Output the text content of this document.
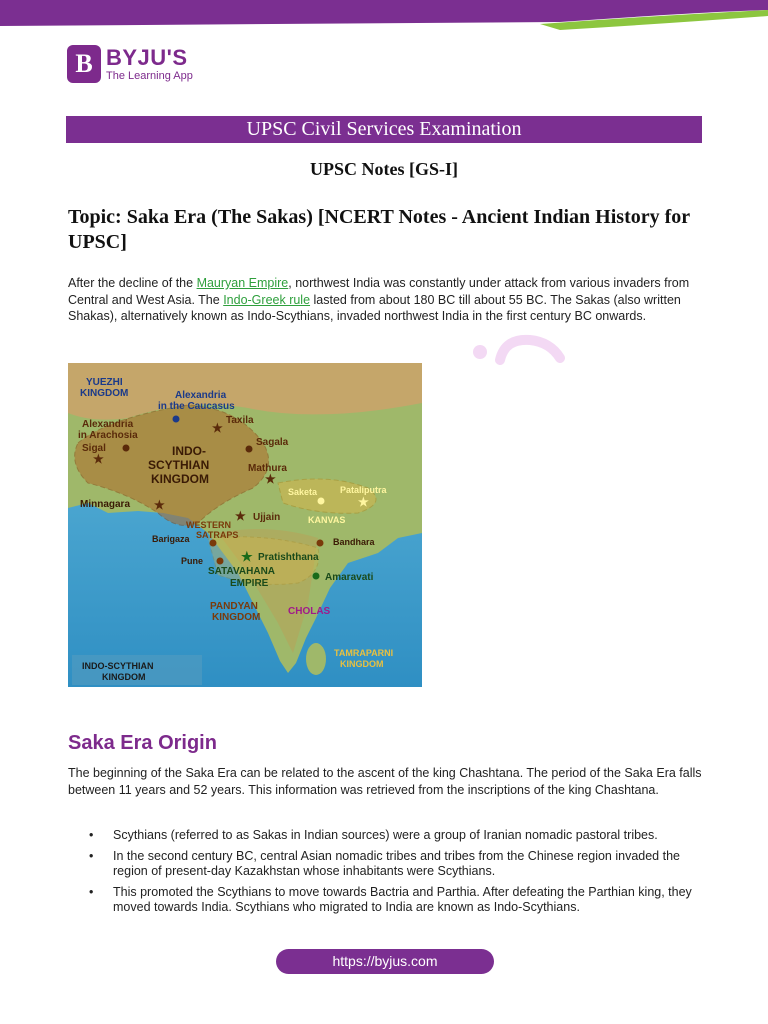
B BYJU'S
The Learning App
UPSC Civil Services Examination
UPSC Notes [GS-I]
Topic: Saka Era (The Sakas) [NCERT Notes - Ancient Indian History for UPSC]
After the decline of the Mauryan Empire, northwest India was constantly under attack from various invaders from Central and West Asia. The Indo-Greek rule lasted from about 180 BC till about 55 BC. The Sakas (also written Shakas), alternatively known as Indo-Scythians, invaded northwest India in the first century BC onwards.
YUEZHI
KINGDOM	Alexandria
in the Caucasus
Taxila
★
Alexandria
in Arachosia
Sigal
★
INDO-
SCYTHIAN
KINGDOM
Sagala
Mathura
★
Saketa	Pataliputra
★
Minnagara ★
Ujjain
★	KANVAS
WESTERN
SATRAPS
Barigaza	Bandhara
★ Pratishthana
Pune
SATAVAHANA
EMPIRE
Amaravati
PANDYAN
KINGDOM
CHOLAS
TAMRAPARNI
KINGDOM
INDO-SCYTHIAN
KINGDOM
Saka Era Origin
The beginning of the Saka Era can be related to the ascent of the king Chashtana. The period of the Saka Era falls between 11 years and 52 years. This information was retrieved from the inscriptions of the king Chashtana.
• Scythians (referred to as Sakas in Indian sources) were a group of Iranian nomadic pastoral tribes.
• In the second century BC, central Asian nomadic tribes and tribes from the Chinese region invaded the region of present-day Kazakhstan whose inhabitants were Scythians.
• This promoted the Scythians to move towards Bactria and Parthia. After defeating the Parthian king, they moved towards India. Scythians who migrated to India are known as Indo-Scythians.
https://byjus.com
